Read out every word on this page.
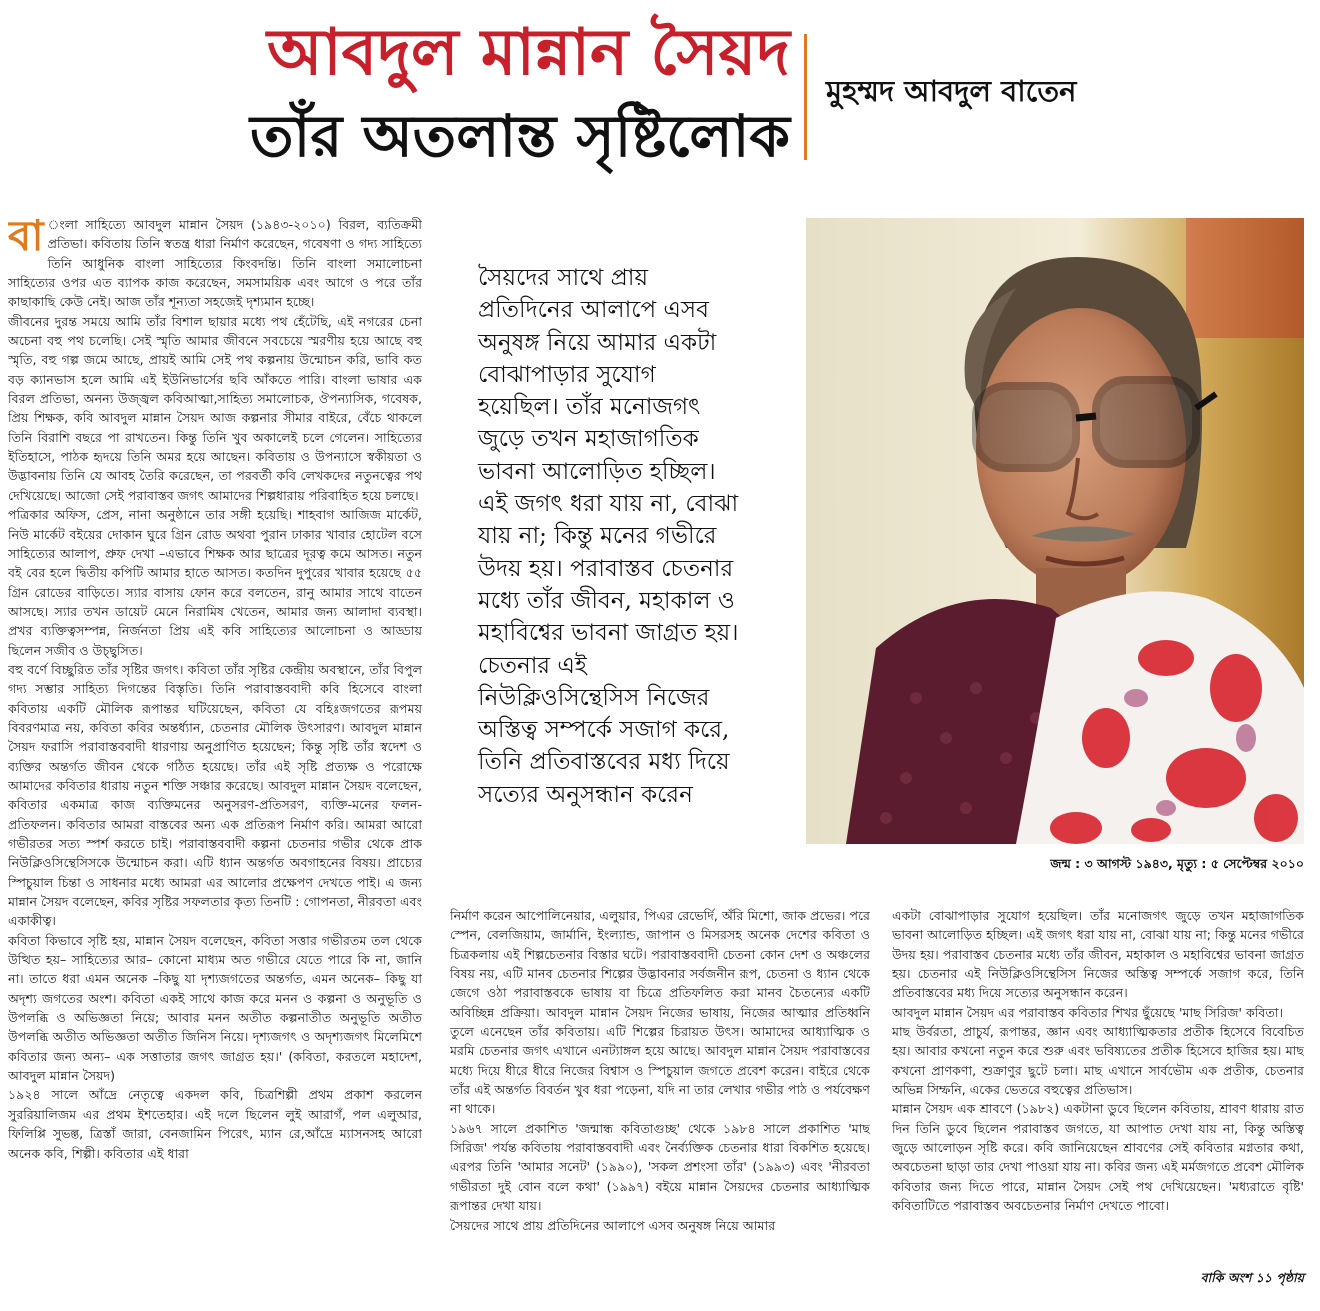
আবদুল মান্নান সৈয়দ
তাঁর অতলান্ত সৃষ্টিলোক
মুহম্মদ আবদুল বাতেন

বা ংলা সাহিত্যে আবদুল মান্নান সৈয়দ (১৯৪৩-২০১০) বিরল, ব্যতিক্রমী প্রতিভা। কবিতায় তিনি স্বতন্ত্র ধারা নির্মাণ করেছেন, গবেষণা ও গদ্য সাহিত্যে তিনি আধুনিক বাংলা সাহিত্যের কিংবদন্তি। তিনি বাংলা সমালোচনা সাহিত্যের ওপর এত ব্যাপক কাজ করেছেন, সমসাময়িক এবং আগে ও পরে তাঁর কাছাকাছি কেউ নেই। আজ তাঁর শূন্যতা সহজেই দৃশ্যমান হচ্ছে।

জীবনের দুরন্ত সময়ে আমি তাঁর বিশাল ছায়ার মধ্যে পথ হেঁটেছি, এই নগরের চেনা অচেনা বহু পথ চলেছি। সেই স্মৃতি আমার জীবনে সবচেয়ে স্মরণীয় হয়ে আছে বহু স্মৃতি, বহু গল্প জমে আছে, প্রায়ই আমি সেই পথ কল্পনায় উন্মোচন করি, ভাবি কত বড় ক্যানভাস হলে আমি এই ইউনিভার্সের ছবি আঁকতে পারি। বাংলা ভাষার এক বিরল প্রতিভা, অনন্য উজ্জ্বল কবিআত্মা,সাহিত্য সমালোচক, ঔপন্যাসিক, গবেষক, প্রিয় শিক্ষক, কবি আবদুল মান্নান সৈয়দ আজ কল্পনার সীমার বাইরে, বেঁচে থাকলে তিনি বিরাশি বছরে পা রাখতেন। কিন্তু তিনি খুব অকালেই চলে গেলেন। সাহিত্যের ইতিহাসে, পাঠক হৃদয়ে তিনি অমর হয়ে আছেন। কবিতায় ও উপন্যাসে স্বকীয়তা ও উদ্ভাবনায় তিনি যে আবহ তৈরি করেছেন, তা পরবর্তী কবি লেখকদের নতুনত্বের পথ দেখিয়েছে। আজো সেই পরাবাস্তব জগৎ আমাদের শিল্পধারায় পরিবাহিত হয়ে চলছে।

পত্রিকার অফিস, প্রেস, নানা অনুষ্ঠানে তার সঙ্গী হয়েছি। শাহবাগ আজিজ মার্কেট, নিউ মার্কেট বইয়ের দোকান ঘুরে গ্রিন রোড অথবা পুরান ঢাকার খাবার হোটেল বসে সাহিত্যের আলাপ, প্রুফ দেখা –এভাবে শিক্ষক আর ছাত্রের দূরত্ব কমে আসত। নতুন বই বের হলে দ্বিতীয় কপিটি আমার হাতে আসত। কতদিন দুপুরের খাবার হয়েছে ৫৫ গ্রিন রোডের বাড়িতে। স্যার বাসায় ফোন করে বলতেন, রানু আমার সাথে বাতেন আসছে। স্যার তখন ডায়েট মেনে নিরামিষ খেতেন, আমার জন্য আলাদা ব্যবস্থা। প্রখর ব্যক্তিত্বসম্পন্ন, নির্জনতা প্রিয় এই কবি সাহিত্যের আলোচনা ও আড্ডায় ছিলেন সজীব ও উচ্ছ্বসিত।

বহু বর্ণে বিচ্ছুরিত তাঁর সৃষ্টির জগৎ। কবিতা তাঁর সৃষ্টির কেন্দ্রীয় অবস্থানে, তাঁর বিপুল গদ্য সম্ভার সাহিত্য দিগন্তের বিস্তৃতি। তিনি পরাবাস্তববাদী কবি হিসেবে বাংলা কবিতায় একটি মৌলিক রূপান্তর ঘটিয়েছেন, কবিতা যে বহিঃজগতের রূপময় বিবরণমাত্র নয়, কবিতা কবির অন্তর্ধ্যান, চেতনার মৌলিক উৎসারণ। আবদুল মান্নান সৈয়দ ফরাসি পরাবাস্তববাদী ধারণায় অনুপ্রাণিত হয়েছেন; কিন্তু সৃষ্টি তাঁর স্বদেশ ও ব্যক্তির অন্তর্গত জীবন থেকে গঠিত হয়েছে। তাঁর এই সৃষ্টি প্রত্যক্ষ ও পরোক্ষে আমাদের কবিতার ধারায় নতুন শক্তি সঞ্চার করেছে। আবদুল মান্নান সৈয়দ বলেছেন, কবিতার একমাত্র কাজ ব্যক্তিমনের অনুসরণ-প্রতিসরণ, ব্যক্তি-মনের ফলন-প্রতিফলন। কবিতার আমরা বাস্তবের অন্য এক প্রতিরূপ নির্মাণ করি। আমরা আরো গভীরতর সত্য স্পর্শ করতে চাই। পরাবাস্তববাদী কল্পনা চেতনার গভীর থেকে প্রাক নিউক্লিওসিন্থেসিসকে উন্মোচন করা। এটি ধ্যান অন্তর্গত অবগাহনের বিষয়। প্রাচ্যের স্পিচুয়াল চিন্তা ও সাধনার মধ্যে আমরা এর আলোর প্রক্ষেপণ দেখতে পাই। এ জন্য মান্নান সৈয়দ বলেছেন, কবির সৃষ্টির সফলতার কৃত্য তিনটি : গোপনতা, নীরবতা এবং একাকীত্ব।

কবিতা কিভাবে সৃষ্টি হয়, মান্নান সৈয়দ বলেছেন, কবিতা সত্তার গভীরতম তল থেকে উত্থিত হয়– সাহিত্যের আর– কোনো মাধ্যম অত গভীরে যেতে পারে কি না, জানি না। তাতে ধরা এমন অনেক –কিছু যা দৃশ্যজগতের অন্তর্গত, এমন অনেক– কিছু যা অদৃশ্য জগতের অংশ। কবিতা একই সাথে কাজ করে মনন ও কল্পনা ও অনুভূতি ও উপলব্ধি ও অভিজ্ঞতা নিয়ে; আবার মনন অতীত কল্পনাতীত অনুভূতি অতীত উপলব্ধি অতীত অভিজ্ঞতা অতীত জিনিস নিয়ে। দৃশ্যজগৎ ও অদৃশ্যজগৎ মিলেমিশে কবিতার জন্য অন্য– এক সত্তাতার জগৎ জাগ্রত হয়।' (কবিতা, করতলে মহাদেশ, আবদুল মান্নান সৈয়দ)

১৯২৪ সালে আঁদ্রে নেতৃত্বে একদল কবি, চিত্রশিল্পী প্রথম প্রকাশ করলেন সুররিয়ালিজম এর প্রথম ইশতেহার। এই দলে ছিলেন লুই আরাগঁ, পল এলুআর, ফিলিপ্পি সুভল্ত, ত্রিস্তাঁ জারা, বেনজামিন পিরেৎ, ম্যান রে,আঁদ্রে ম্যাসনসহ আরো অনেক কবি, শিল্পী। কবিতার এই ধারা

সৈয়দের সাথে প্রায়
প্রতিদিনের আলাপে এসব
অনুষঙ্গ নিয়ে আমার একটা
বোঝাপাড়ার সুযোগ
হয়েছিল। তাঁর মনোজগৎ
জুড়ে তখন মহাজাগতিক
ভাবনা আলোড়িত হচ্ছিল।
এই জগৎ ধরা যায় না, বোঝা
যায় না; কিন্তু মনের গভীরে
উদয় হয়। পরাবাস্তব চেতনার
মধ্যে তাঁর জীবন, মহাকাল ও
মহাবিশ্বের ভাবনা জাগ্রত হয়।
চেতনার এই
নিউক্লিওসিন্থেসিস নিজের
অস্তিত্ব সম্পর্কে সজাগ করে,
তিনি প্রতিবাস্তবের মধ্য দিয়ে
সত্যের অনুসন্ধান করেন
জন্ম : ৩ আগস্ট ১৯৪৩, মৃত্যু : ৫ সেপ্টেম্বর ২০১০

নির্মাণ করেন আপোলিনেয়ার, এলুয়ার, পিএর রেভের্দি, অঁরি মিশো, জাক প্রভের। পরে স্পেন, বেলজিয়াম, জার্মানি, ইংল্যান্ড, জাপান ও মিসরসহ অনেক দেশের কবিতা ও চিত্রকলায় এই শিল্পচেতনার বিস্তার ঘটে। পরাবাস্তববাদী চেতনা কোন দেশ ও অঞ্চলের বিষয় নয়, এটি মানব চেতনার শিল্পের উদ্ভাবনার সর্বজনীন রূপ, চেতনা ও ধ্যান থেকে জেগে ওঠা পরাবাস্তবকে ভাষায় বা চিত্রে প্রতিফলিত করা মানব চৈতন্যের একটি অবিচ্ছিন্ন প্রক্রিয়া। আবদুল মান্নান সৈয়দ নিজের ভাষায়, নিজের আত্মার প্রতিধ্বনি তুলে এনেছেন তাঁর কবিতায়। এটি শিল্পের চিরায়ত উৎস। আমাদের আধ্যাত্মিক ও মরমি চেতনার জগৎ এখানে এনট্যাঙ্গল হয়ে আছে। আবদুল মান্নান সৈয়দ পরাবাস্তবের মধ্যে দিয়ে ধীরে ধীরে নিজের বিশ্বাস ও স্পিচুয়াল জগতে প্রবেশ করেন। বাইরে থেকে তাঁর এই অন্তর্গত বিবর্তন খুব ধরা পড়েনা, যদি না তার লেখার গভীর পাঠ ও পর্যবেক্ষণ না থাকে।

১৯৬৭ সালে প্রকাশিত 'জন্মান্ধ কবিতাগুচ্ছ' থেকে ১৯৮৪ সালে প্রকাশিত 'মাছ সিরিজ' পর্যন্ত কবিতায় পরাবাস্তববাদী এবং নৈর্ব্যক্তিক চেতনার ধারা বিকশিত হয়েছে। এরপর তিনি 'আমার সনেট' (১৯৯০), 'সকল প্রশংসা তাঁর' (১৯৯৩) এবং 'নীরবতা গভীরতা দুই বোন বলে কথা' (১৯৯৭) বইয়ে মান্নান সৈয়দের চেতনার আধ্যাত্মিক রূপান্তর দেখা যায়।

সৈয়দের সাথে প্রায় প্রতিদিনের আলাপে এসব অনুষঙ্গ নিয়ে আমার

একটা বোঝাপাড়ার সুযোগ হয়েছিল। তাঁর মনোজগৎ জুড়ে তখন মহাজাগতিক ভাবনা আলোড়িত হচ্ছিল। এই জগৎ ধরা যায় না, বোঝা যায় না; কিন্তু মনের গভীরে উদয় হয়। পরাবাস্তব চেতনার মধ্যে তাঁর জীবন, মহাকাল ও মহাবিশ্বের ভাবনা জাগ্রত হয়। চেতনার এই নিউক্লিওসিন্থেসিস নিজের অস্তিত্ব সম্পর্কে সজাগ করে, তিনি প্রতিবাস্তবের মধ্য দিয়ে সত্যের অনুসন্ধান করেন।

আবদুল মান্নান সৈয়দ এর পরাবাস্তব কবিতার শিখর ছুঁয়েছে 'মাছ সিরিজ' কবিতা।

মাছ উর্বরতা, প্রাচুর্য, রূপান্তর, জ্ঞান এবং আধ্যাত্মিকতার প্রতীক হিসেবে বিবেচিত হয়। আবার কখনো নতুন করে শুরু এবং ভবিষ্যতের প্রতীক হিসেবে হাজির হয়। মাছ কখনো প্রাণকণা, শুক্রাণুর ছুটে চলা। মাছ এখানে সার্বভৌম এক প্রতীক, চেতনার অভিন্ন সিম্ফনি, একের ভেতরে বহুত্বের প্রতিভাস।

মান্নান সৈয়দ এক শ্রাবণে (১৯৮২) একটানা ডুবে ছিলেন কবিতায়, শ্রাবণ ধারায় রাত দিন তিনি ডুবে ছিলেন পরাবাস্তব জগতে, যা আপাত দেখা যায় না, কিন্তু অস্তিত্ব জুড়ে আলোড়ন সৃষ্টি করে। কবি জানিয়েছেন শ্রাবণের সেই কবিতার মগ্নতার কথা, অবচেতনা ছাড়া তার দেখা পাওয়া যায় না। কবির জন্য এই মর্মজগতে প্রবেশ মৌলিক কবিতার জন্য দিতে পারে, মান্নান সৈয়দ সেই পথ দেখিয়েছেন। 'মধ্যরাতে বৃষ্টি' কবিতাটিতে পরাবাস্তব অবচেতনার নির্মাণ দেখতে পাবো।

বাকি অংশ ১১ পৃষ্ঠায়
